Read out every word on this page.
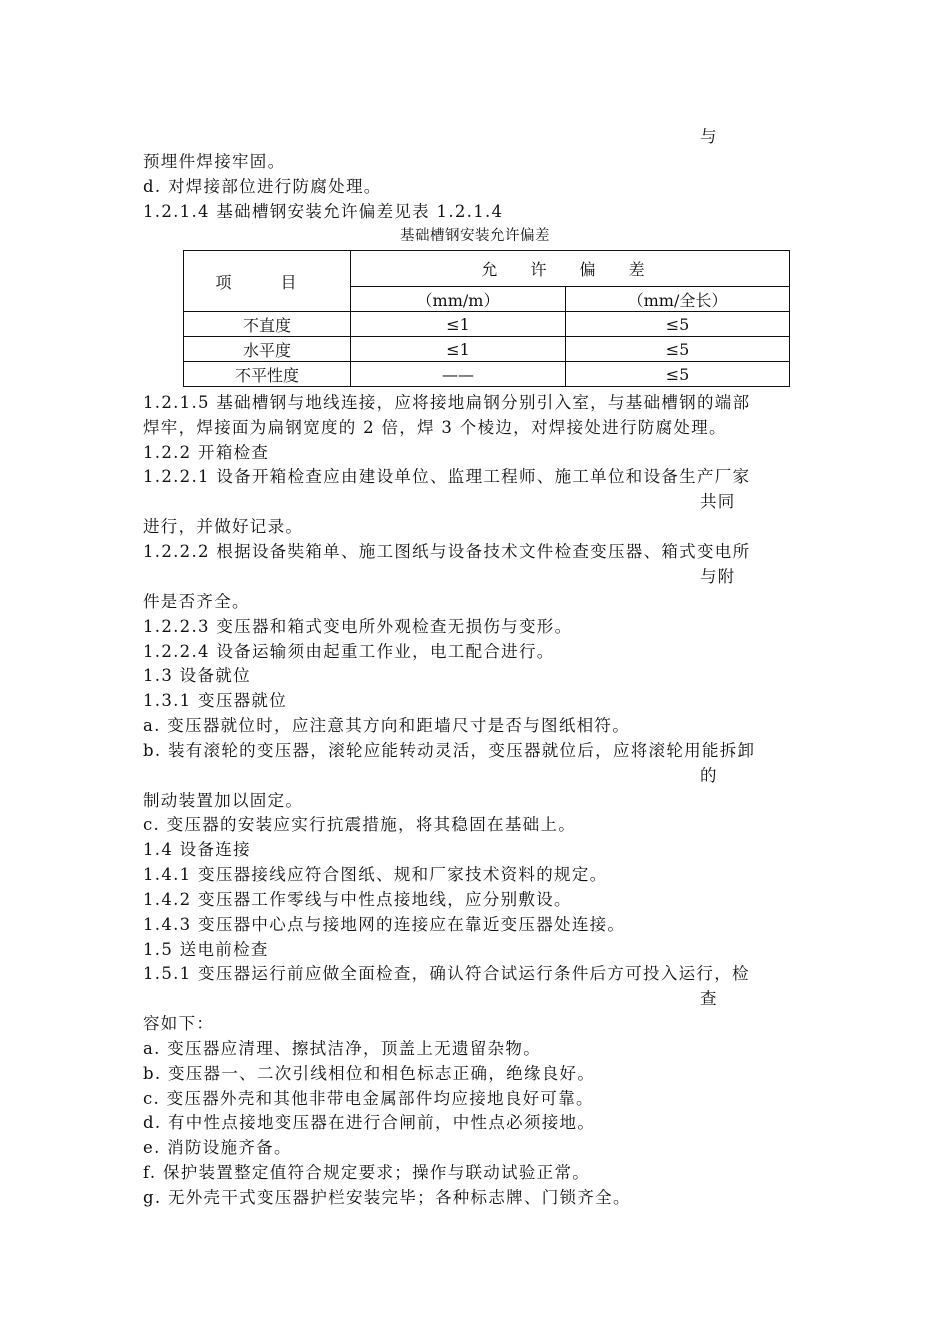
与
预埋件焊接牢固。
d. 对焊接部位进行防腐处理。
1.2.1.4 基础槽钢安装允许偏差见表 1.2.1.4
基础槽钢安装允许偏差
项 目	允 许 偏 差	
	（mm/m）	（mm/全长）
不直度	≤1	≤5
水平度	≤1	≤5
不平性度	——	≤5
1.2.1.5 基础槽钢与地线连接，应将接地扁钢分别引入室，与基础槽钢的端部
焊牢，焊接面为扁钢宽度的 2 倍，焊 3 个棱边，对焊接处进行防腐处理。
1.2.2 开箱检查
1.2.2.1 设备开箱检查应由建设单位、监理工程师、施工单位和设备生产厂家
共同
进行，并做好记录。
1.2.2.2 根据设备奘箱单、施工图纸与设备技术文件检查变压器、箱式变电所
与附
件是否齐全。
1.2.2.3 变压器和箱式变电所外观检查无损伤与变形。
1.2.2.4 设备运输须由起重工作业，电工配合进行。
1.3 设备就位
1.3.1 变压器就位
a. 变压器就位时，应注意其方向和距墙尺寸是否与图纸相符。
b. 装有滚轮的变压器，滚轮应能转动灵活，变压器就位后，应将滚轮用能拆卸
的
制动装置加以固定。
c. 变压器的安装应实行抗震措施，将其稳固在基础上。
1.4 设备连接
1.4.1 变压器接线应符合图纸、规和厂家技术资料的规定。
1.4.2 变压器工作零线与中性点接地线，应分别敷设。
1.4.3 变压器中心点与接地网的连接应在靠近变压器处连接。
1.5 送电前检查
1.5.1 变压器运行前应做全面检查，确认符合试运行条件后方可投入运行，检
查
容如下：
a. 变压器应清理、擦拭洁净，顶盖上无遗留杂物。
b. 变压器一、二次引线相位和相色标志正确，绝缘良好。
c. 变压器外壳和其他非带电金属部件均应接地良好可靠。
d. 有中性点接地变压器在进行合闸前，中性点必须接地。
e. 消防设施齐备。
f. 保护装置整定值符合规定要求；操作与联动试验正常。
g. 无外壳干式变压器护栏安装完毕；各种标志牌、门锁齐全。
